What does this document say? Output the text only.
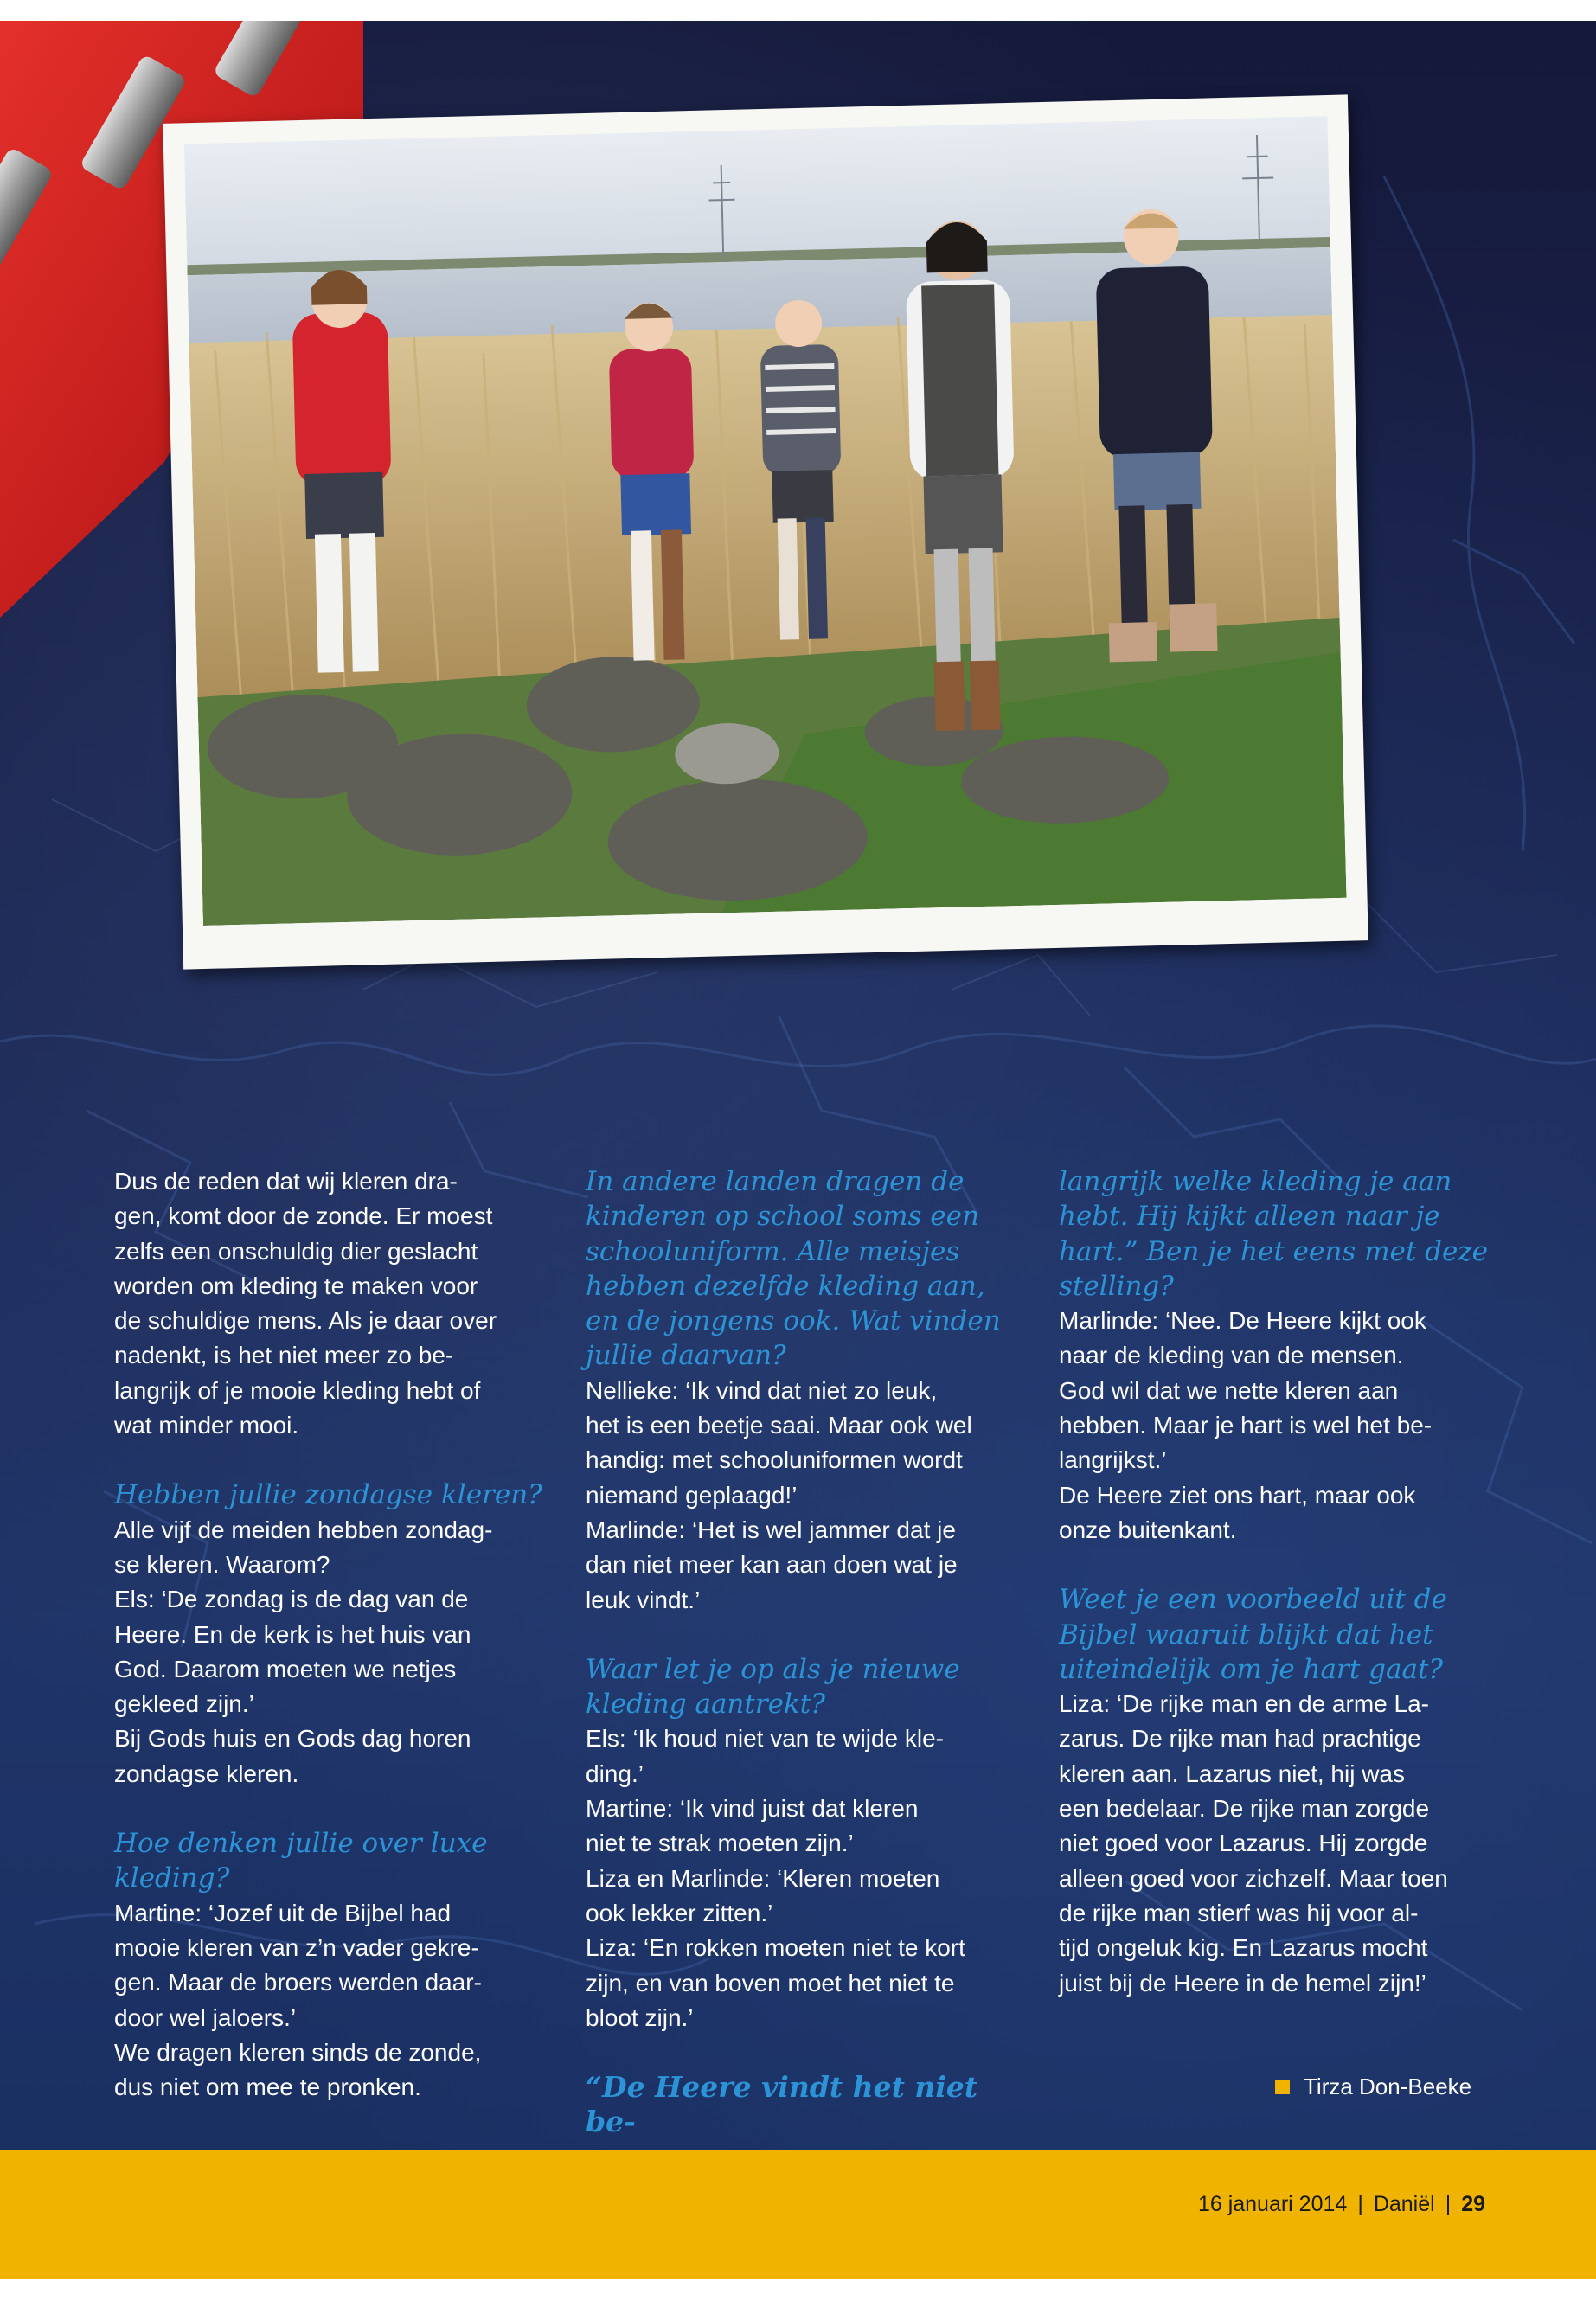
Dus de reden dat wij kleren dra-

gen, komt door de zonde. Er moest

zelfs een onschuldig dier geslacht

worden om kleding te maken voor

de schuldige mens. Als je daar over

nadenkt, is het niet meer zo be-

langrijk of je mooie kleding hebt of

wat minder mooi.

Hebben jullie zondagse kleren?

Alle vijf de meiden hebben zondag-

se kleren. Waarom?

Els: ‘De zondag is de dag van de

Heere. En de kerk is het huis van

God. Daarom moeten we netjes

gekleed zijn.’

Bij Gods huis en Gods dag horen

zondagse kleren.

Hoe denken jullie over luxe

kleding?

Martine: ‘Jozef uit de Bijbel had

mooie kleren van z’n vader gekre-

gen. Maar de broers werden daar-

door wel jaloers.’

We dragen kleren sinds de zonde,

dus niet om mee te pronken.

In andere landen dragen de

kinderen op school soms een

schooluniform. Alle meisjes

hebben dezelfde kleding aan,

en de jongens ook. Wat vinden

jullie daarvan?

Nellieke: ‘Ik vind dat niet zo leuk,

het is een beetje saai. Maar ook wel

handig: met schooluniformen wordt

niemand geplaagd!’

Marlinde: ‘Het is wel jammer dat je

dan niet meer kan aan doen wat je

leuk vindt.’

Waar let je op als je nieuwe

kleding aantrekt?

Els: ‘Ik houd niet van te wijde kle-

ding.’

Martine: ‘Ik vind juist dat kleren

niet te strak moeten zijn.’

Liza en Marlinde: ‘Kleren moeten

ook lekker zitten.’

Liza: ‘En rokken moeten niet te kort

zijn, en van boven moet het niet te

bloot zijn.’

“De Heere vindt het niet be-

langrijk welke kleding je aan

hebt. Hij kijkt alleen naar je

hart.” Ben je het eens met deze

stelling?

Marlinde: ‘Nee. De Heere kijkt ook

naar de kleding van de mensen.

God wil dat we nette kleren aan

hebben. Maar je hart is wel het be-

langrijkst.’

De Heere ziet ons hart, maar ook

onze buitenkant.

Weet je een voorbeeld uit de

Bijbel waaruit blijkt dat het

uiteindelijk om je hart gaat?

Liza: ‘De rijke man en de arme La-

zarus. De rijke man had prachtige

kleren aan. Lazarus niet, hij was

een bedelaar. De rijke man zorgde

niet goed voor Lazarus. Hij zorgde

alleen goed voor zichzelf. Maar toen

de rijke man stierf was hij voor al-

tijd ongeluk kig. En Lazarus mocht

juist bij de Heere in de hemel zijn!’

Tirza Don-Beeke
16 januari 2014 | Daniël | 29
